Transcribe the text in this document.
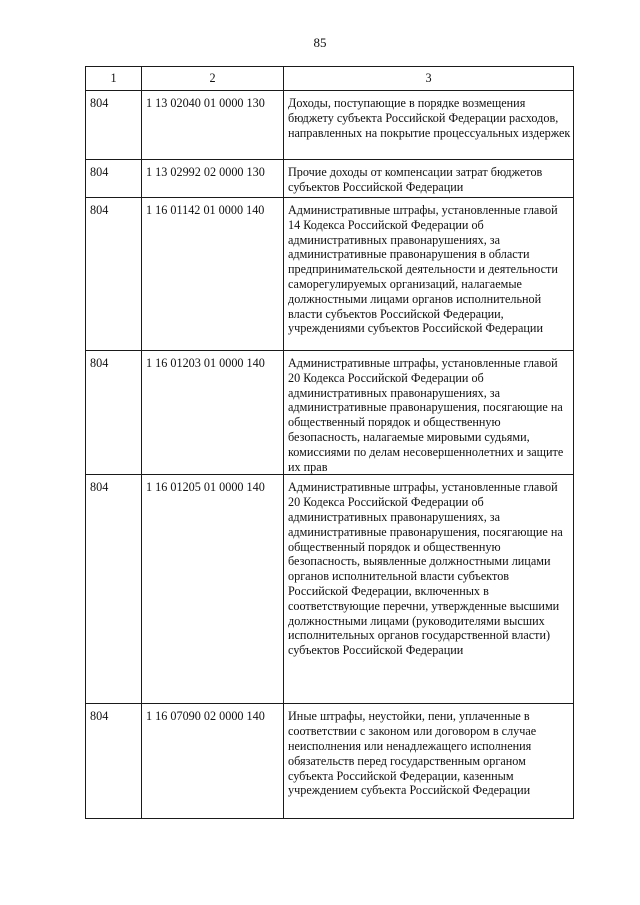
85
1	2	3
804	1 13 02040 01 0000 130	Доходы, поступающие в порядке возмещения бюджету субъекта Российской Федерации расходов, направленных на покрытие процессуальных издержек
804	1 13 02992 02 0000 130	Прочие доходы от компенсации затрат бюджетов субъектов Российской Федерации
804	1 16 01142 01 0000 140	Административные штрафы, установленные главой 14 Кодекса Российской Федерации об административных правонарушениях, за административные правонарушения в области предпринимательской деятельности и деятельности саморегулируемых организаций, налагаемые должностными лицами органов исполнительной власти субъектов Российской Федерации, учреждениями субъектов Российской Федерации
804	1 16 01203 01 0000 140	Административные штрафы, установленные главой 20 Кодекса Российской Федерации об административных правонарушениях, за административные правонарушения, посягающие на общественный порядок и общественную безопасность, налагаемые мировыми судьями, комиссиями по делам несовершеннолетних и защите их прав
804	1 16 01205 01 0000 140	Административные штрафы, установленные главой 20 Кодекса Российской Федерации об административных правонарушениях, за административные правонарушения, посягающие на общественный порядок и общественную безопасность, выявленные должностными лицами органов исполнительной власти субъектов Российской Федерации, включенных в соответствующие перечни, утвержденные высшими должностными лицами (руководителями высших исполнительных органов государственной власти) субъектов Российской Федерации
804	1 16 07090 02 0000 140	Иные штрафы, неустойки, пени, уплаченные в соответствии с законом или договором в случае неисполнения или ненадлежащего исполнения обязательств перед государственным органом субъекта Российской Федерации, казенным учреждением субъекта Российской Федерации
